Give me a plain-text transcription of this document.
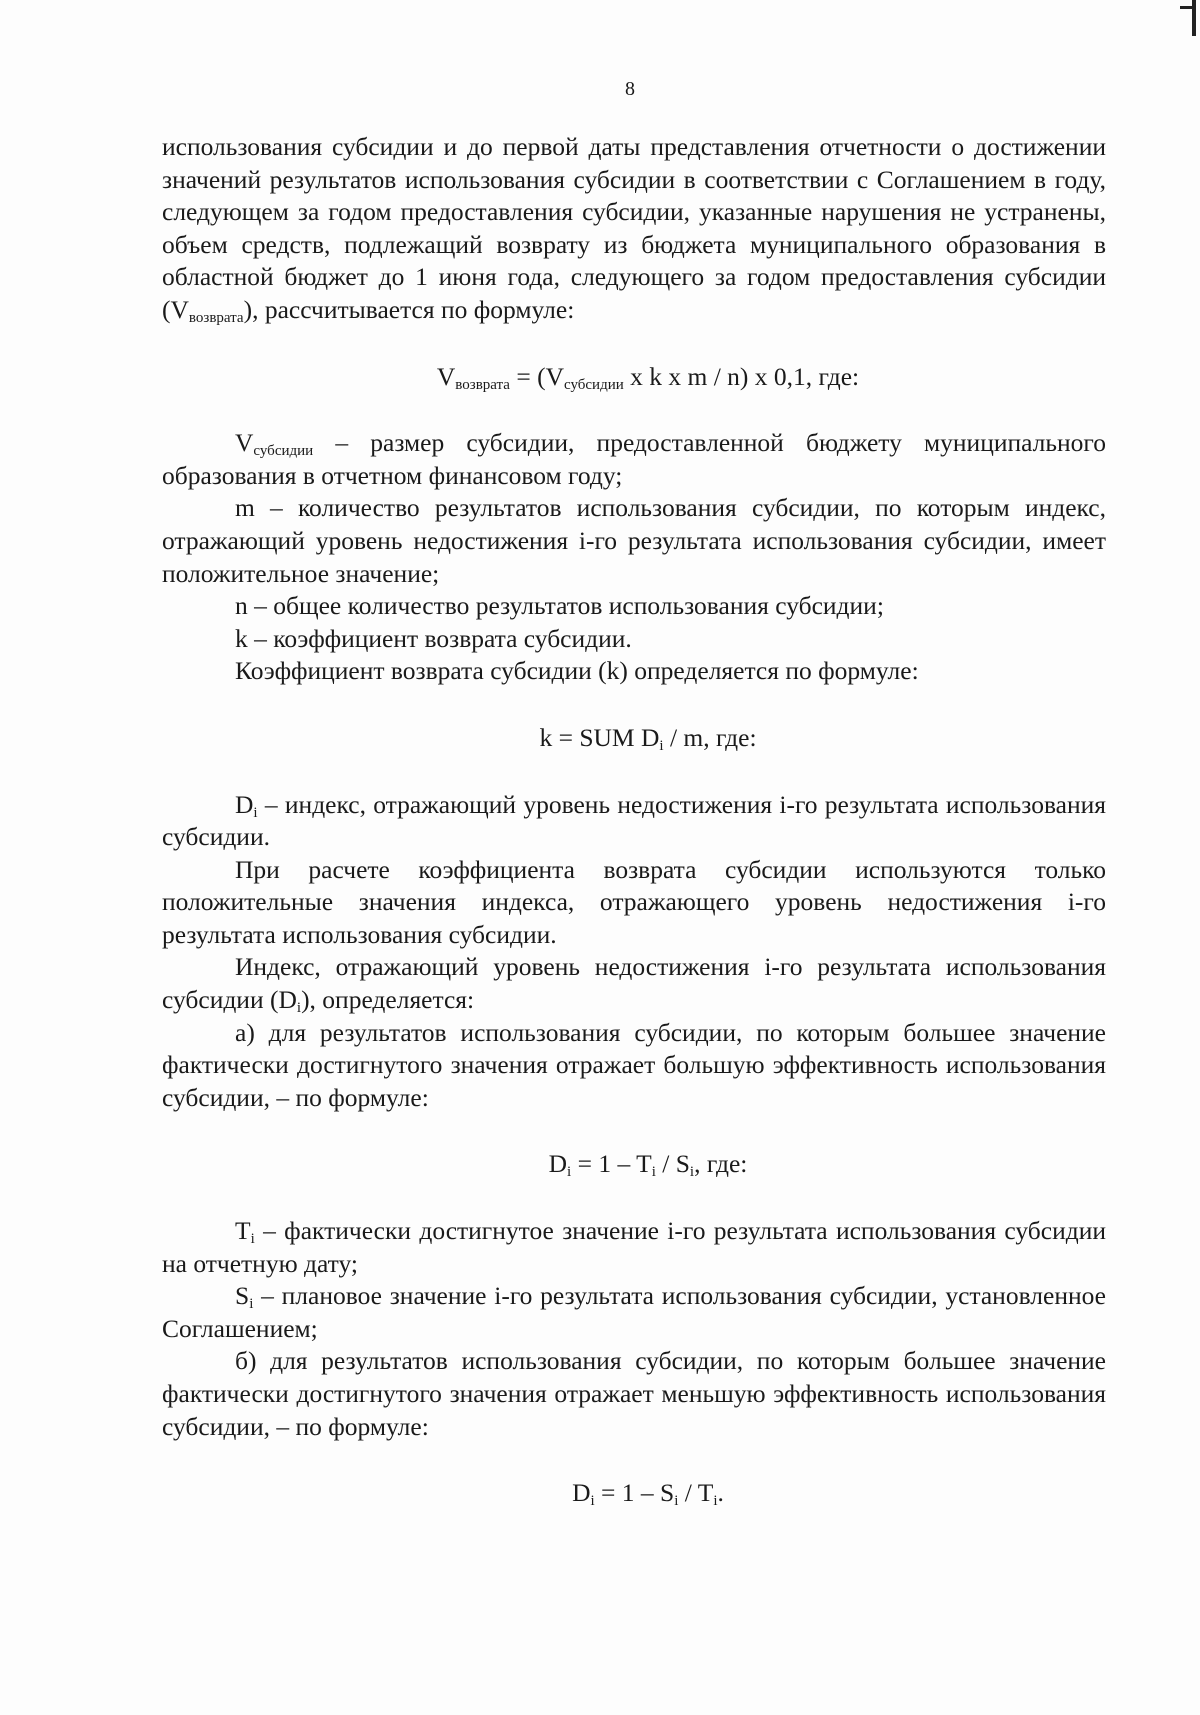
8

использования субсидии и до первой даты представления отчетности о достижении значений результатов использования субсидии в соответствии с Соглашением в году, следующем за годом предоставления субсидии, указанные нарушения не устранены, объем средств, подлежащий возврату из бюджета муниципального образования в областной бюджет до 1 июня года, следующего за годом предоставления субсидии $(V_{возврата})$, рассчитывается по формуле:

$V_{возврата} = (V_{субсидии}$ x k x m / n) x 0,1, где:

$V_{субсидии}$ – размер субсидии, предоставленной бюджету муниципального образования в отчетном финансовом году;

m – количество результатов использования субсидии, по которым индекс, отражающий уровень недостижения i-го результата использования субсидии, имеет положительное значение;

n – общее количество результатов использования субсидии;

k – коэффициент возврата субсидии.

Коэффициент возврата субсидии (k) определяется по формуле:

k = SUM $D_i$ / m, где:

$D_i$ – индекс, отражающий уровень недостижения i-го результата использования субсидии.

При расчете коэффициента возврата субсидии используются только положительные значения индекса, отражающего уровень недостижения i-го результата использования субсидии.

Индекс, отражающий уровень недостижения i-го результата использования субсидии $(D_i)$, определяется:

а) для результатов использования субсидии, по которым большее значение фактически достигнутого значения отражает большую эффективность использования субсидии, – по формуле:

$D_i = 1 - T_i / S_i$, где:

$T_i$ – фактически достигнутое значение i-го результата использования субсидии на отчетную дату;

$S_i$ – плановое значение i-го результата использования субсидии, установленное Соглашением;

б) для результатов использования субсидии, по которым большее значение фактически достигнутого значения отражает меньшую эффективность использования субсидии, – по формуле:

$D_i = 1 - S_i / T_i$.
